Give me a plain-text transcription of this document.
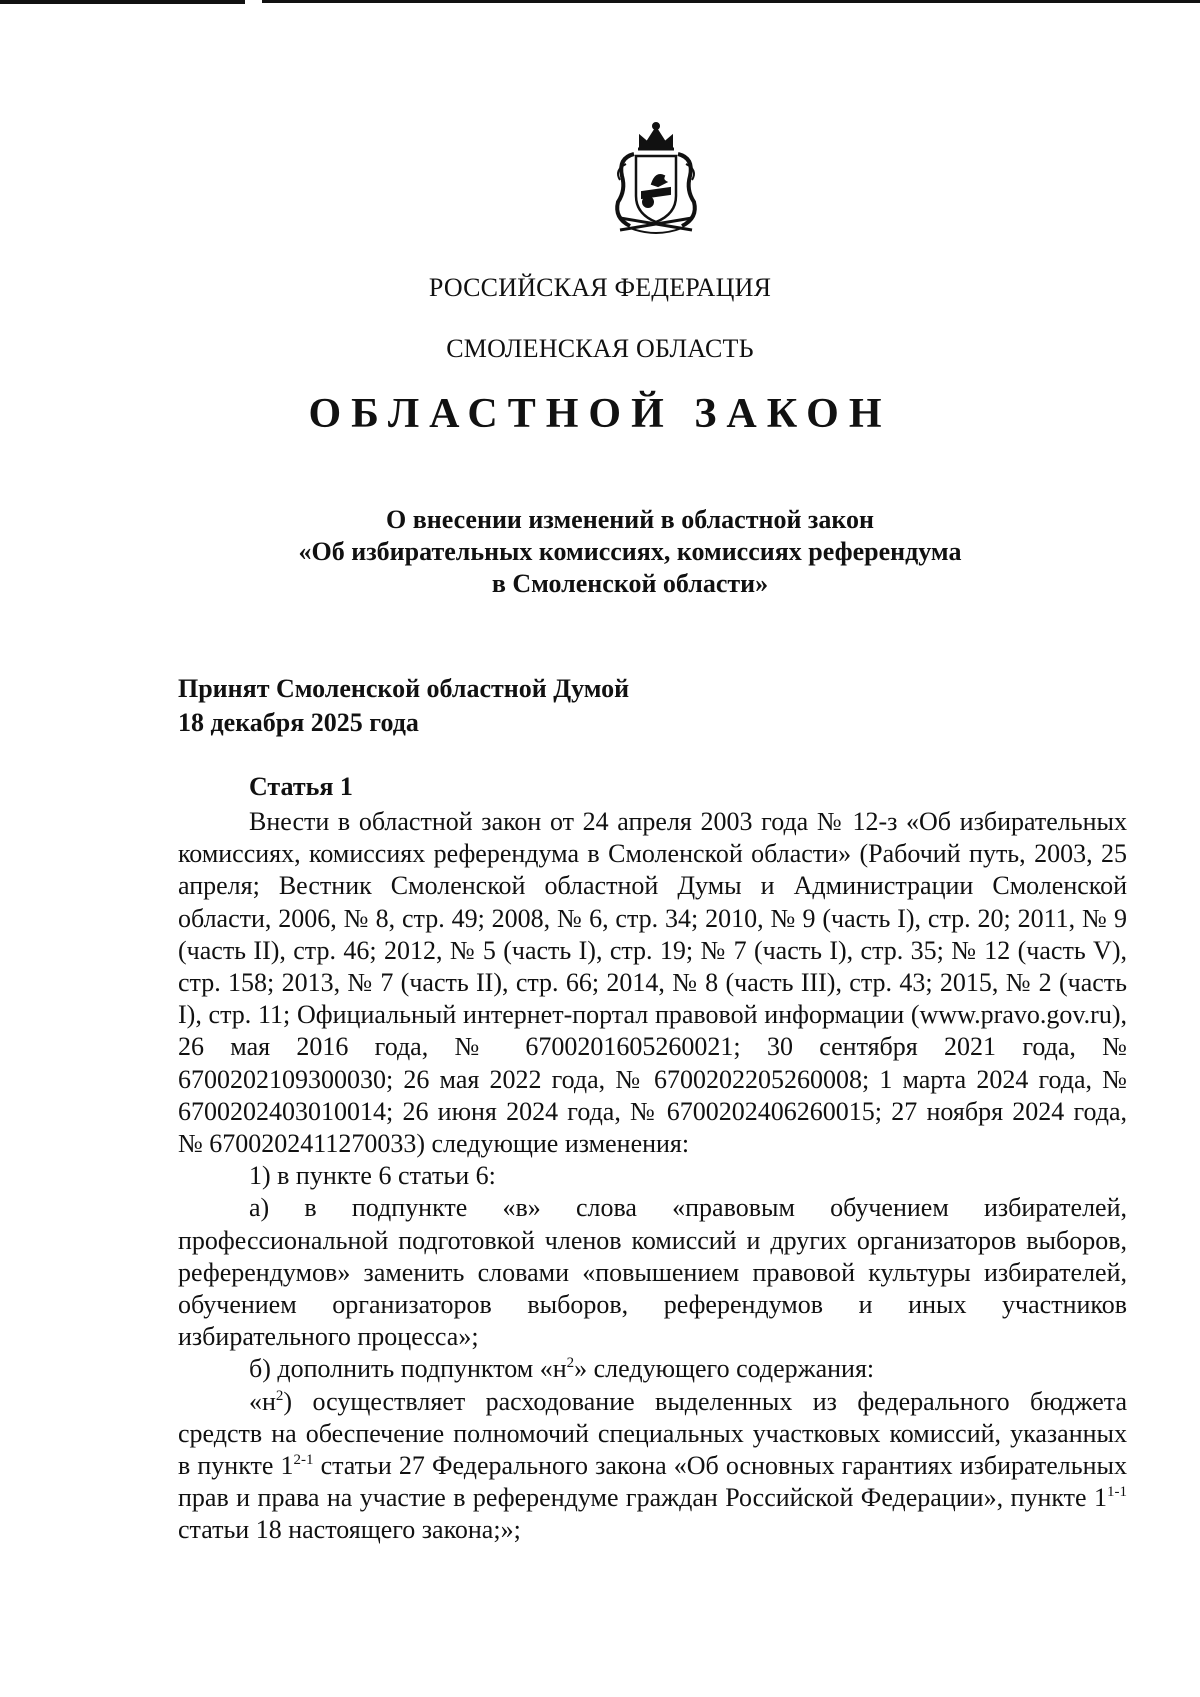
РОССИЙСКАЯ ФЕДЕРАЦИЯ
СМОЛЕНСКАЯ ОБЛАСТЬ
ОБЛАСТНОЙ ЗАКОН
О внесении изменений в областной закон
«Об избирательных комиссиях, комиссиях референдума
в Смоленской области»
Принят Смоленской областной Думой
18 декабря 2025 года
Статья 1

Внести в областной закон от 24 апреля 2003 года № 12-з «Об избирательных комиссиях, комиссиях референдума в Смоленской области» (Рабочий путь, 2003, 25 апреля; Вестник Смоленской областной Думы и Администрации Смоленской области, 2006, № 8, стр. 49; 2008, № 6, стр. 34; 2010, № 9 (часть I), стр. 20; 2011, № 9 (часть II), стр. 46; 2012, № 5 (часть I), стр. 19; № 7 (часть I), стр. 35; № 12 (часть V), стр. 158; 2013, № 7 (часть II), стр. 66; 2014, № 8 (часть III), стр. 43; 2015, № 2 (часть I), стр. 11; Официальный интернет-портал правовой информации (www.pravo.gov.ru), 26 мая 2016 года, № 6700201605260021; 30 сентября 2021 года, № 6700202109300030; 26 мая 2022 года, № 6700202205260008; 1 марта 2024 года, № 6700202403010014; 26 июня 2024 года, № 6700202406260015; 27 ноября 2024 года, № 6700202411270033) следующие изменения:

1) в пункте 6 статьи 6:

а) в подпункте «в» слова «правовым обучением избирателей, профессиональной подготовкой членов комиссий и других организаторов выборов, референдумов» заменить словами «повышением правовой культуры избирателей, обучением организаторов выборов, референдумов и иных участников избирательного процесса»;

б) дополнить подпунктом «$н^2$» следующего содержания:

«$н^2$) осуществляет расходование выделенных из федерального бюджета средств на обеспечение полномочий специальных участковых комиссий, указанных в пункте 1$^{2-1}$ статьи 27 Федерального закона «Об основных гарантиях избирательных прав и права на участие в референдуме граждан Российской Федерации», пункте 1$^{1-1}$ статьи 18 настоящего закона;»;
